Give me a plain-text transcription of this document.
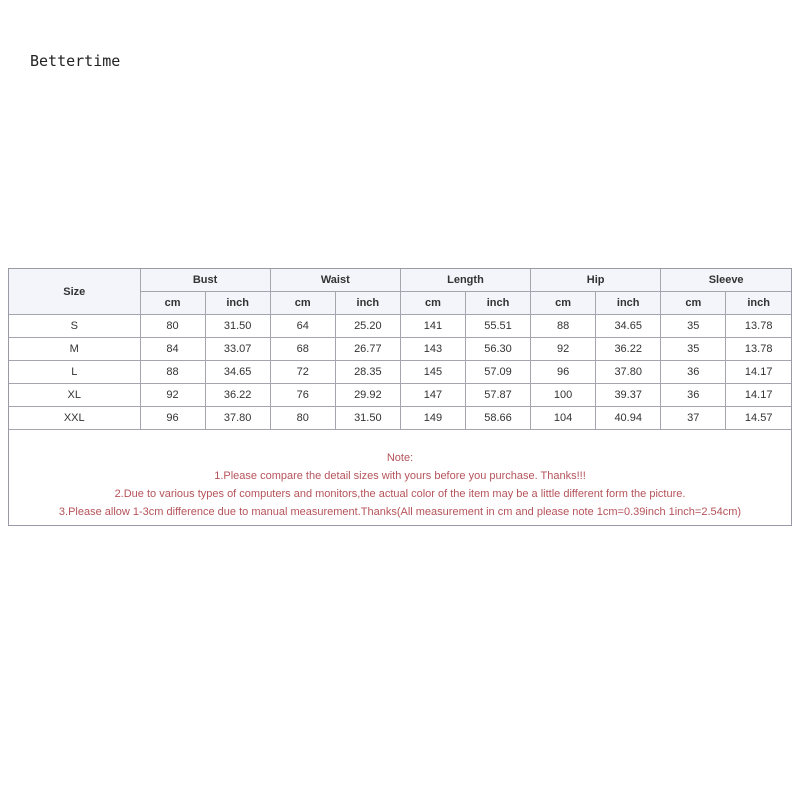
Bettertime
Size	Bust		Waist		Length		Hip		Sleeve	
	cm	inch	cm	inch	cm	inch	cm	inch	cm	inch
S	80	31.50	64	25.20	141	55.51	88	34.65	35	13.78
M	84	33.07	68	26.77	143	56.30	92	36.22	35	13.78
L	88	34.65	72	28.35	145	57.09	96	37.80	36	14.17
XL	92	36.22	76	29.92	147	57.87	100	39.37	36	14.17
XXL	96	37.80	80	31.50	149	58.66	104	40.94	37	14.57
Note:
1.Please compare the detail sizes with yours before you purchase. Thanks!!!
2.Due to various types of computers and monitors,the actual color of the item may be a little different form the picture.
3.Please allow 1-3cm difference due to manual measurement.Thanks(All measurement in cm and please note 1cm=0.39inch 1inch=2.54cm)
